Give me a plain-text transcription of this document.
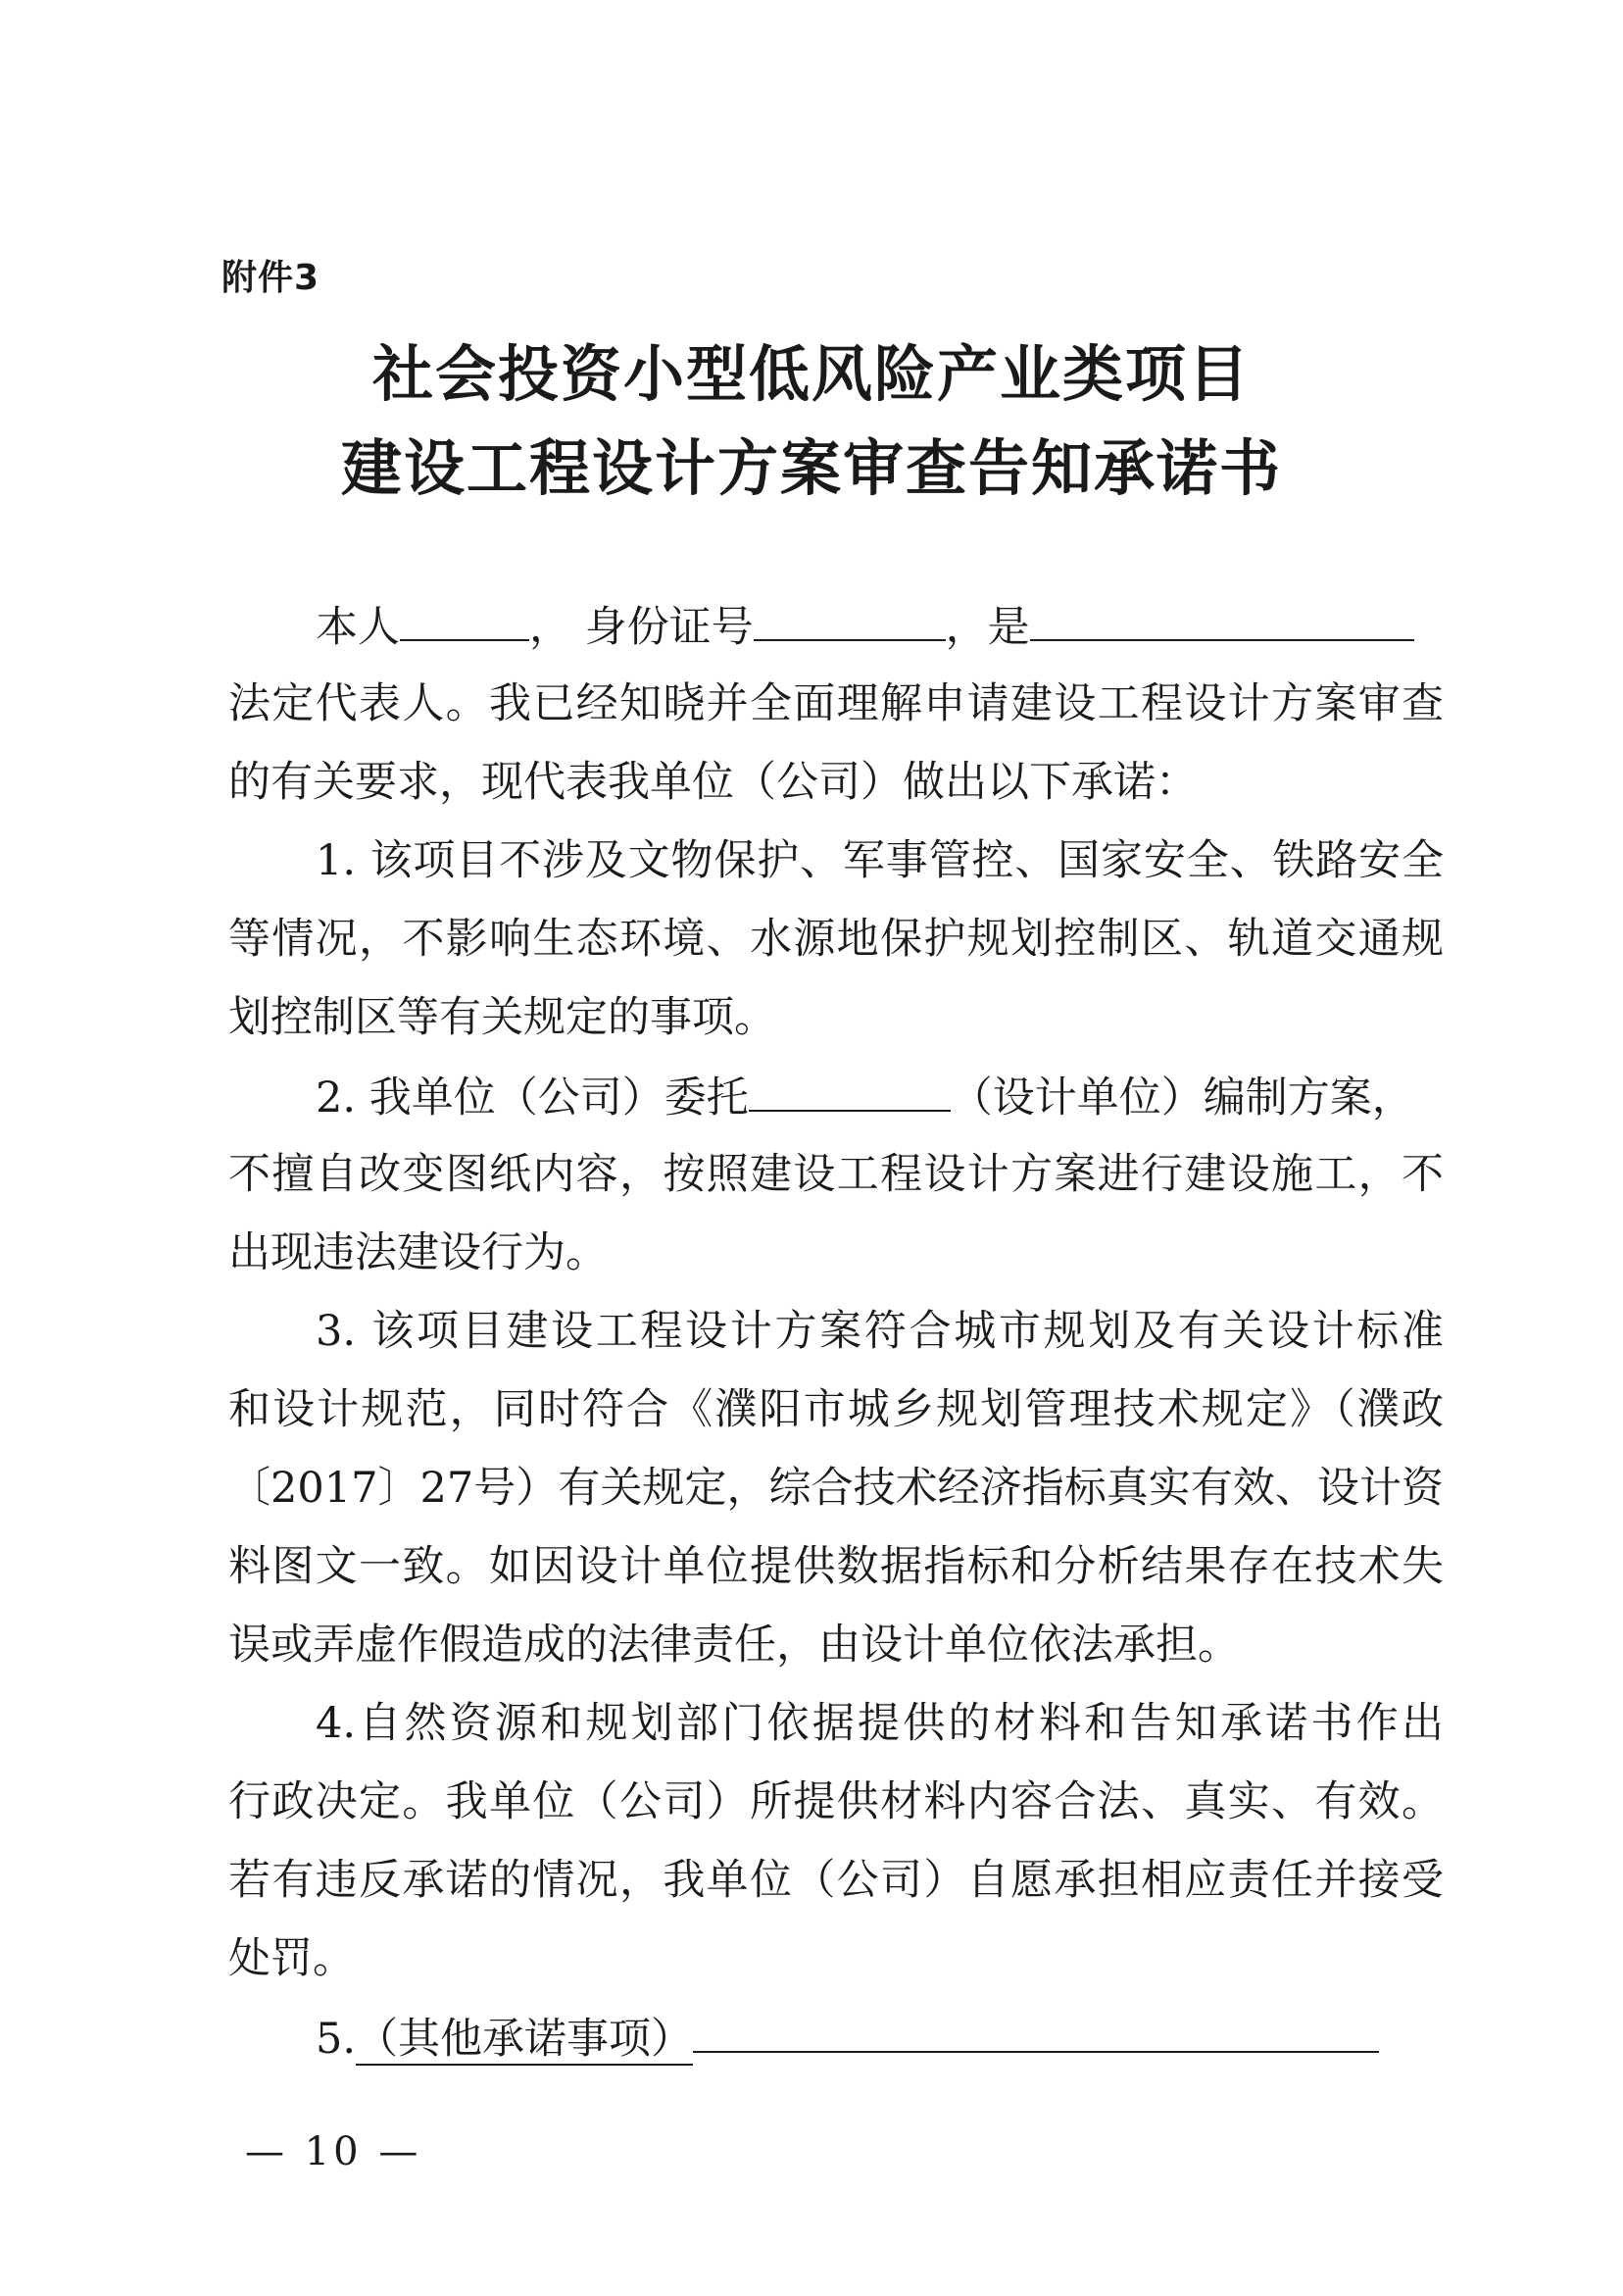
附件3
社会投资小型低风险产业类项目
建设工程设计方案审查告知承诺书
本人	， 身份证号	，是
法定代表人。我已经知晓并全面理解申请建设工程设计方案审查
的有关要求，现代表我单位（公司）做出以下承诺：
1. 该项目不涉及文物保护、军事管控、国家安全、铁路安全
等情况，不影响生态环境、水源地保护规划控制区、轨道交通规
划控制区等有关规定的事项。
2. 我单位（公司）委托	（设计单位）编制方案，
不擅自改变图纸内容，按照建设工程设计方案进行建设施工，不
出现违法建设行为。
3. 该项目建设工程设计方案符合城市规划及有关设计标准
和设计规范，同时符合《濮阳市城乡规划管理技术规定》（濮政
〔2017〕27号）有关规定，综合技术经济指标真实有效、设计资
料图文一致。如因设计单位提供数据指标和分析结果存在技术失
误或弄虚作假造成的法律责任，由设计单位依法承担。
4.自然资源和规划部门依据提供的材料和告知承诺书作出
行政决定。我单位（公司）所提供材料内容合法、真实、有效。
若有违反承诺的情况，我单位（公司）自愿承担相应责任并接受
处罚。
5.（其他承诺事项）
— 10 —
